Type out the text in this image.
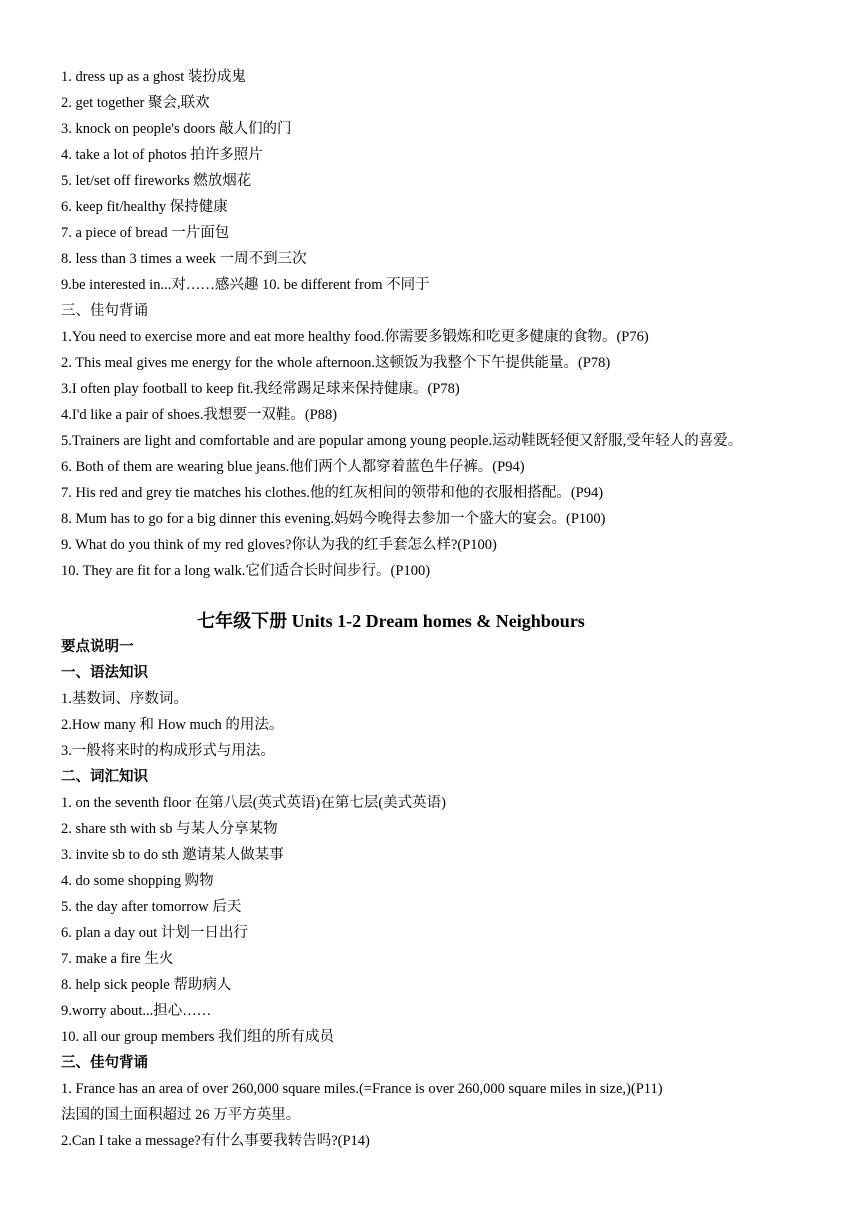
1. dress up as a ghost 装扮成鬼
2. get together 聚会,联欢
3. knock on people's doors 敲人们的门
4. take a lot of photos 拍许多照片
5. let/set off fireworks 燃放烟花
6. keep fit/healthy 保持健康
7. a piece of bread 一片面包
8. less than 3 times a week 一周不到三次
9.be interested in...对……感兴趣 10. be different from 不同于
三、佳句背诵
1.You need to exercise more and eat more healthy food.你需要多锻炼和吃更多健康的食物。(P76)
2. This meal gives me energy for the whole afternoon.这顿饭为我整个下午提供能量。(P78)
3.I often play football to keep fit.我经常踢足球来保持健康。(P78)
4.I'd like a pair of shoes.我想要一双鞋。(P88)
5.Trainers are light and comfortable and are popular among young people.运动鞋既轻便又舒服,受年轻人的喜爱。
6. Both of them are wearing blue jeans.他们两个人都穿着蓝色牛仔裤。(P94)
7. His red and grey tie matches his clothes.他的红灰相间的领带和他的衣服相搭配。(P94)
8. Mum has to go for a big dinner this evening.妈妈今晚得去参加一个盛大的宴会。(P100)
9. What do you think of my red gloves?你认为我的红手套怎么样?(P100)
10. They are fit for a long walk.它们适合长时间步行。(P100)
七年级下册 Units 1-2 Dream homes & Neighbours
要点说明一
一、语法知识
1.基数词、序数词。
2.How many 和 How much 的用法。
3.一般将来时的构成形式与用法。
二、词汇知识
1. on the seventh floor 在第八层(英式英语)在第七层(美式英语)
2. share sth with sb 与某人分享某物
3. invite sb to do sth 邀请某人做某事
4. do some shopping 购物
5. the day after tomorrow 后天
6. plan a day out 计划一日出行
7. make a fire 生火
8. help sick people 帮助病人
9.worry about...担心……
10. all our group members 我们组的所有成员
三、佳句背诵
1. France has an area of over 260,000 square miles.(=France is over 260,000 square miles in size,)(P11)
法国的国土面积超过 26 万平方英里。
2.Can I take a message?有什么事要我转告吗?(P14)
